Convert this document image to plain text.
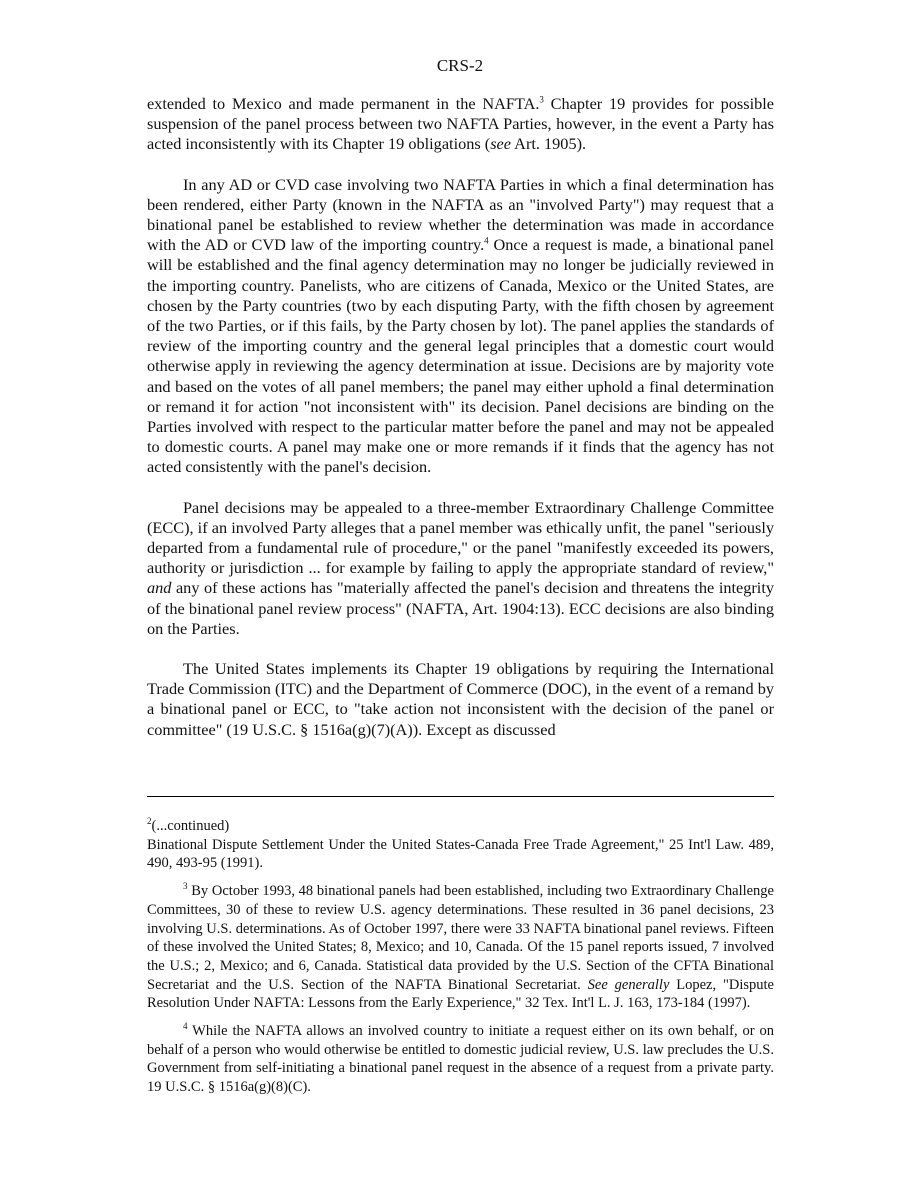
CRS-2

extended to Mexico and made permanent in the NAFTA.$^3$ Chapter 19 provides for possible suspension of the panel process between two NAFTA Parties, however, in the event a Party has acted inconsistently with its Chapter 19 obligations (see Art. 1905).

In any AD or CVD case involving two NAFTA Parties in which a final determination has been rendered, either Party (known in the NAFTA as an "involved Party") may request that a binational panel be established to review whether the determination was made in accordance with the AD or CVD law of the importing country.$^4$ Once a request is made, a binational panel will be established and the final agency determination may no longer be judicially reviewed in the importing country. Panelists, who are citizens of Canada, Mexico or the United States, are chosen by the Party countries (two by each disputing Party, with the fifth chosen by agreement of the two Parties, or if this fails, by the Party chosen by lot). The panel applies the standards of review of the importing country and the general legal principles that a domestic court would otherwise apply in reviewing the agency determination at issue. Decisions are by majority vote and based on the votes of all panel members; the panel may either uphold a final determination or remand it for action "not inconsistent with" its decision. Panel decisions are binding on the Parties involved with respect to the particular matter before the panel and may not be appealed to domestic courts. A panel may make one or more remands if it finds that the agency has not acted consistently with the panel's decision.

Panel decisions may be appealed to a three-member Extraordinary Challenge Committee (ECC), if an involved Party alleges that a panel member was ethically unfit, the panel "seriously departed from a fundamental rule of procedure," or the panel "manifestly exceeded its powers, authority or jurisdiction ... for example by failing to apply the appropriate standard of review," and any of these actions has "materially affected the panel's decision and threatens the integrity of the binational panel review process" (NAFTA, Art. 1904:13). ECC decisions are also binding on the Parties.

The United States implements its Chapter 19 obligations by requiring the International Trade Commission (ITC) and the Department of Commerce (DOC), in the event of a remand by a binational panel or ECC, to "take action not inconsistent with the decision of the panel or committee" (19 U.S.C. § 1516a(g)(7)(A)). Except as discussed

$^2$(...continued)
Binational Dispute Settlement Under the United States-Canada Free Trade Agreement," 25 Int'l Law. 489, 490, 493-95 (1991).

$^3$ By October 1993, 48 binational panels had been established, including two Extraordinary Challenge Committees, 30 of these to review U.S. agency determinations. These resulted in 36 panel decisions, 23 involving U.S. determinations. As of October 1997, there were 33 NAFTA binational panel reviews. Fifteen of these involved the United States; 8, Mexico; and 10, Canada. Of the 15 panel reports issued, 7 involved the U.S.; 2, Mexico; and 6, Canada. Statistical data provided by the U.S. Section of the CFTA Binational Secretariat and the U.S. Section of the NAFTA Binational Secretariat. See generally Lopez, "Dispute Resolution Under NAFTA: Lessons from the Early Experience," 32 Tex. Int'l L. J. 163, 173-184 (1997).

$^4$ While the NAFTA allows an involved country to initiate a request either on its own behalf, or on behalf of a person who would otherwise be entitled to domestic judicial review, U.S. law precludes the U.S. Government from self-initiating a binational panel request in the absence of a request from a private party. 19 U.S.C. § 1516a(g)(8)(C).
